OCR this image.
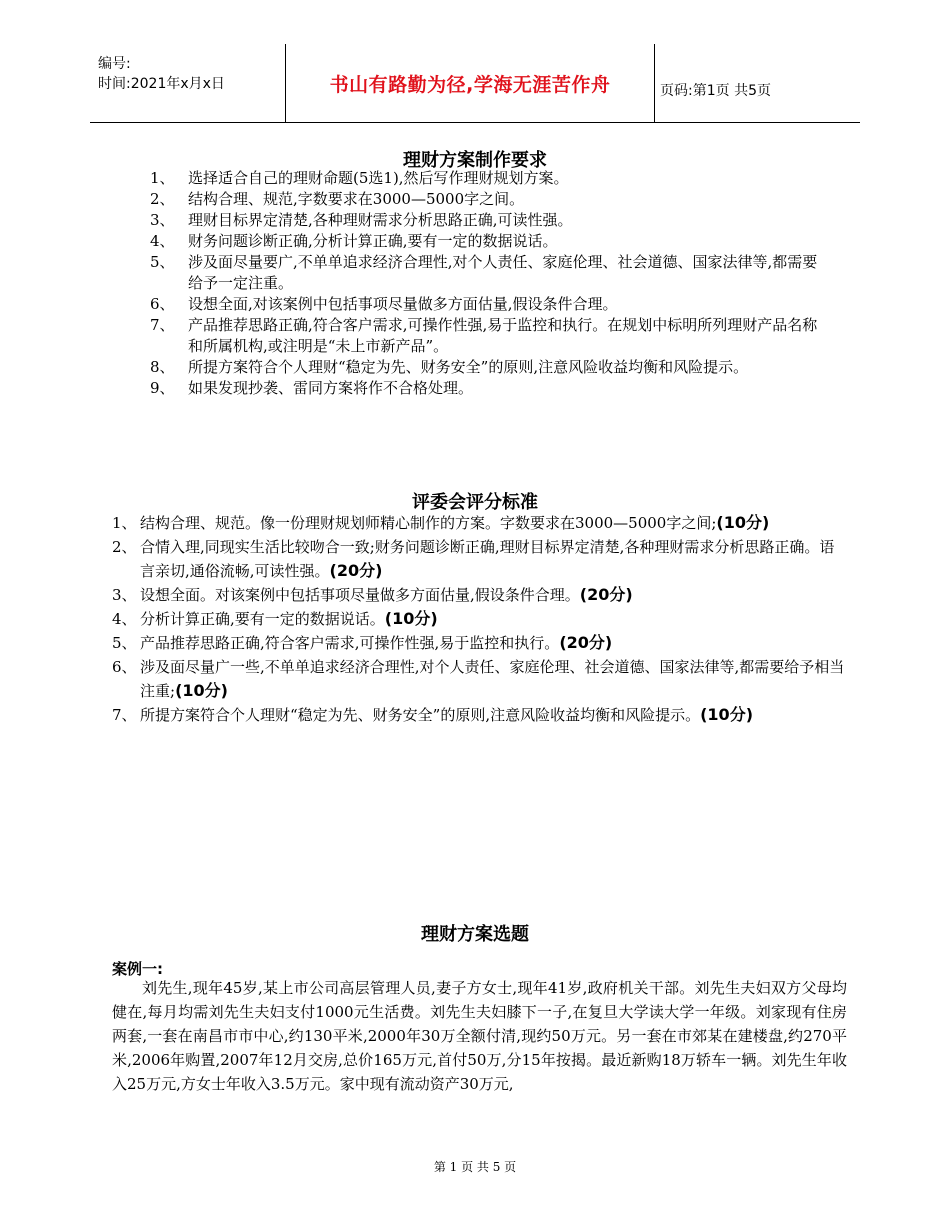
编号:
时间:2021年x月x日	书山有路勤为径,学海无涯苦作舟	页码:第1页 共5页
理财方案制作要求
1、 选择适合自己的理财命题(5选1),然后写作理财规划方案。
2、 结构合理、规范,字数要求在3000—5000字之间。
3、 理财目标界定清楚,各种理财需求分析思路正确,可读性强。
4、 财务问题诊断正确,分析计算正确,要有一定的数据说话。
5、 涉及面尽量要广,不单单追求经济合理性,对个人责任、家庭伦理、社会道德、国家法律等,都需要给予一定注重。
6、 设想全面,对该案例中包括事项尽量做多方面估量,假设条件合理。
7、 产品推荐思路正确,符合客户需求,可操作性强,易于监控和执行。在规划中标明所列理财产品名称和所属机构,或注明是“未上市新产品”。
8、 所提方案符合个人理财“稳定为先、财务安全”的原则,注意风险收益均衡和风险提示。
9、 如果发现抄袭、雷同方案将作不合格处理。
评委会评分标准
1、 结构合理、规范。像一份理财规划师精心制作的方案。字数要求在3000—5000字之间;(10分)
2、 合情入理,同现实生活比较吻合一致;财务问题诊断正确,理财目标界定清楚,各种理财需求分析思路正确。语言亲切,通俗流畅,可读性强。(20分)
3、 设想全面。对该案例中包括事项尽量做多方面估量,假设条件合理。(20分)
4、 分析计算正确,要有一定的数据说话。(10分)
5、 产品推荐思路正确,符合客户需求,可操作性强,易于监控和执行。(20分)
6、 涉及面尽量广一些,不单单追求经济合理性,对个人责任、家庭伦理、社会道德、国家法律等,都需要给予相当注重;(10分)
7、 所提方案符合个人理财“稳定为先、财务安全”的原则,注意风险收益均衡和风险提示。(10分)
理财方案选题
案例一:
刘先生,现年45岁,某上市公司高层管理人员,妻子方女士,现年41岁,政府机关干部。刘先生夫妇双方父母均健在,每月均需刘先生夫妇支付1000元生活费。刘先生夫妇膝下一子,在复旦大学读大学一年级。刘家现有住房两套,一套在南昌市市中心,约130平米,2000年30万全额付清,现约50万元。另一套在市郊某在建楼盘,约270平米,2006年购置,2007年12月交房,总价165万元,首付50万,分15年按揭。最近新购18万轿车一辆。刘先生年收入25万元,方女士年收入3.5万元。家中现有流动资产30万元,
第 1 页 共 5 页
